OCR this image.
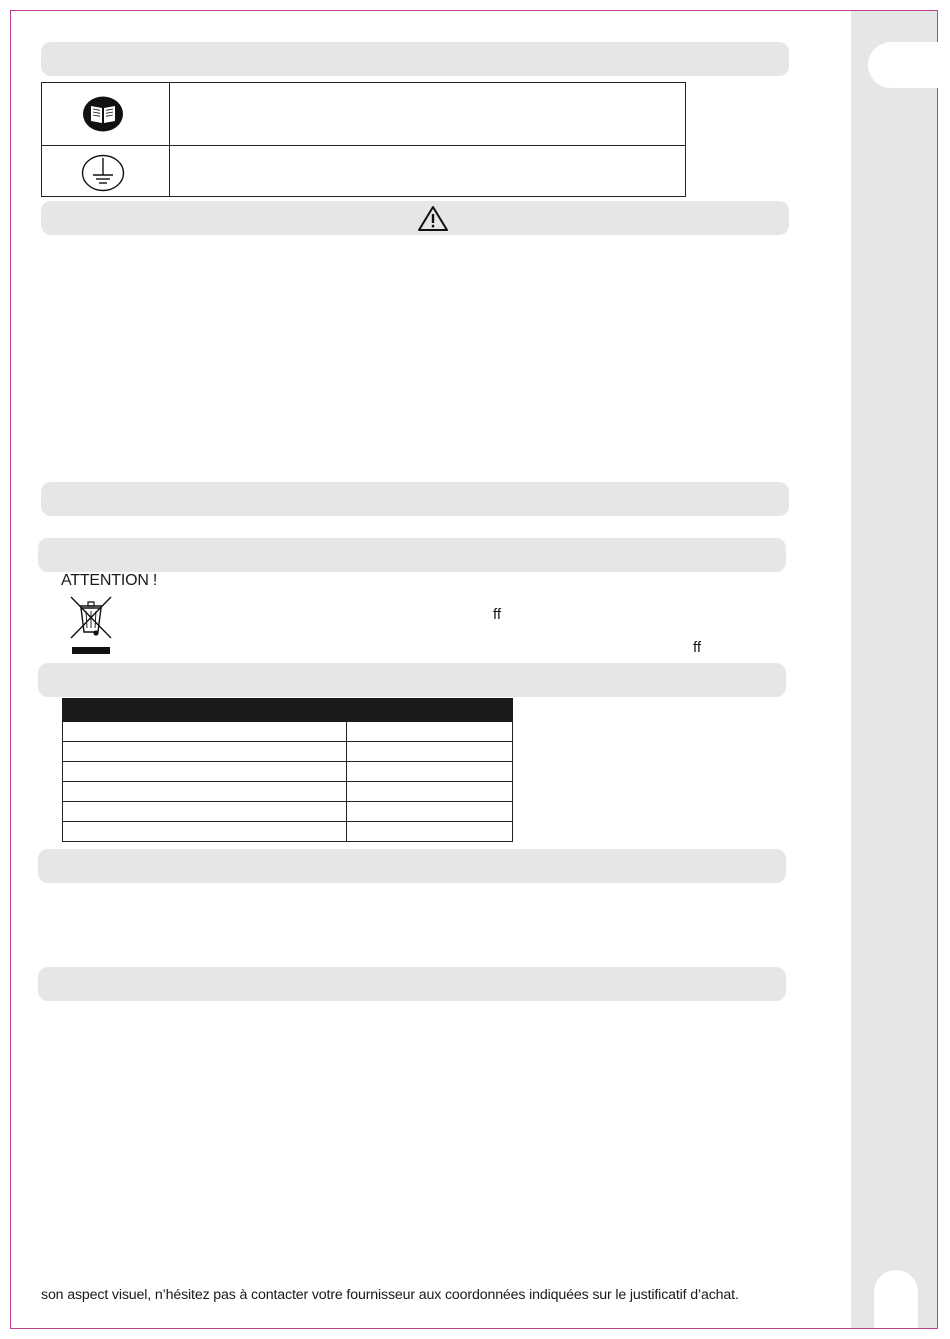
ATTENTION !
ff
ff

son aspect visuel, n’hésitez pas à contacter votre fournisseur aux coordonnées indiquées sur le justificatif d’achat.
